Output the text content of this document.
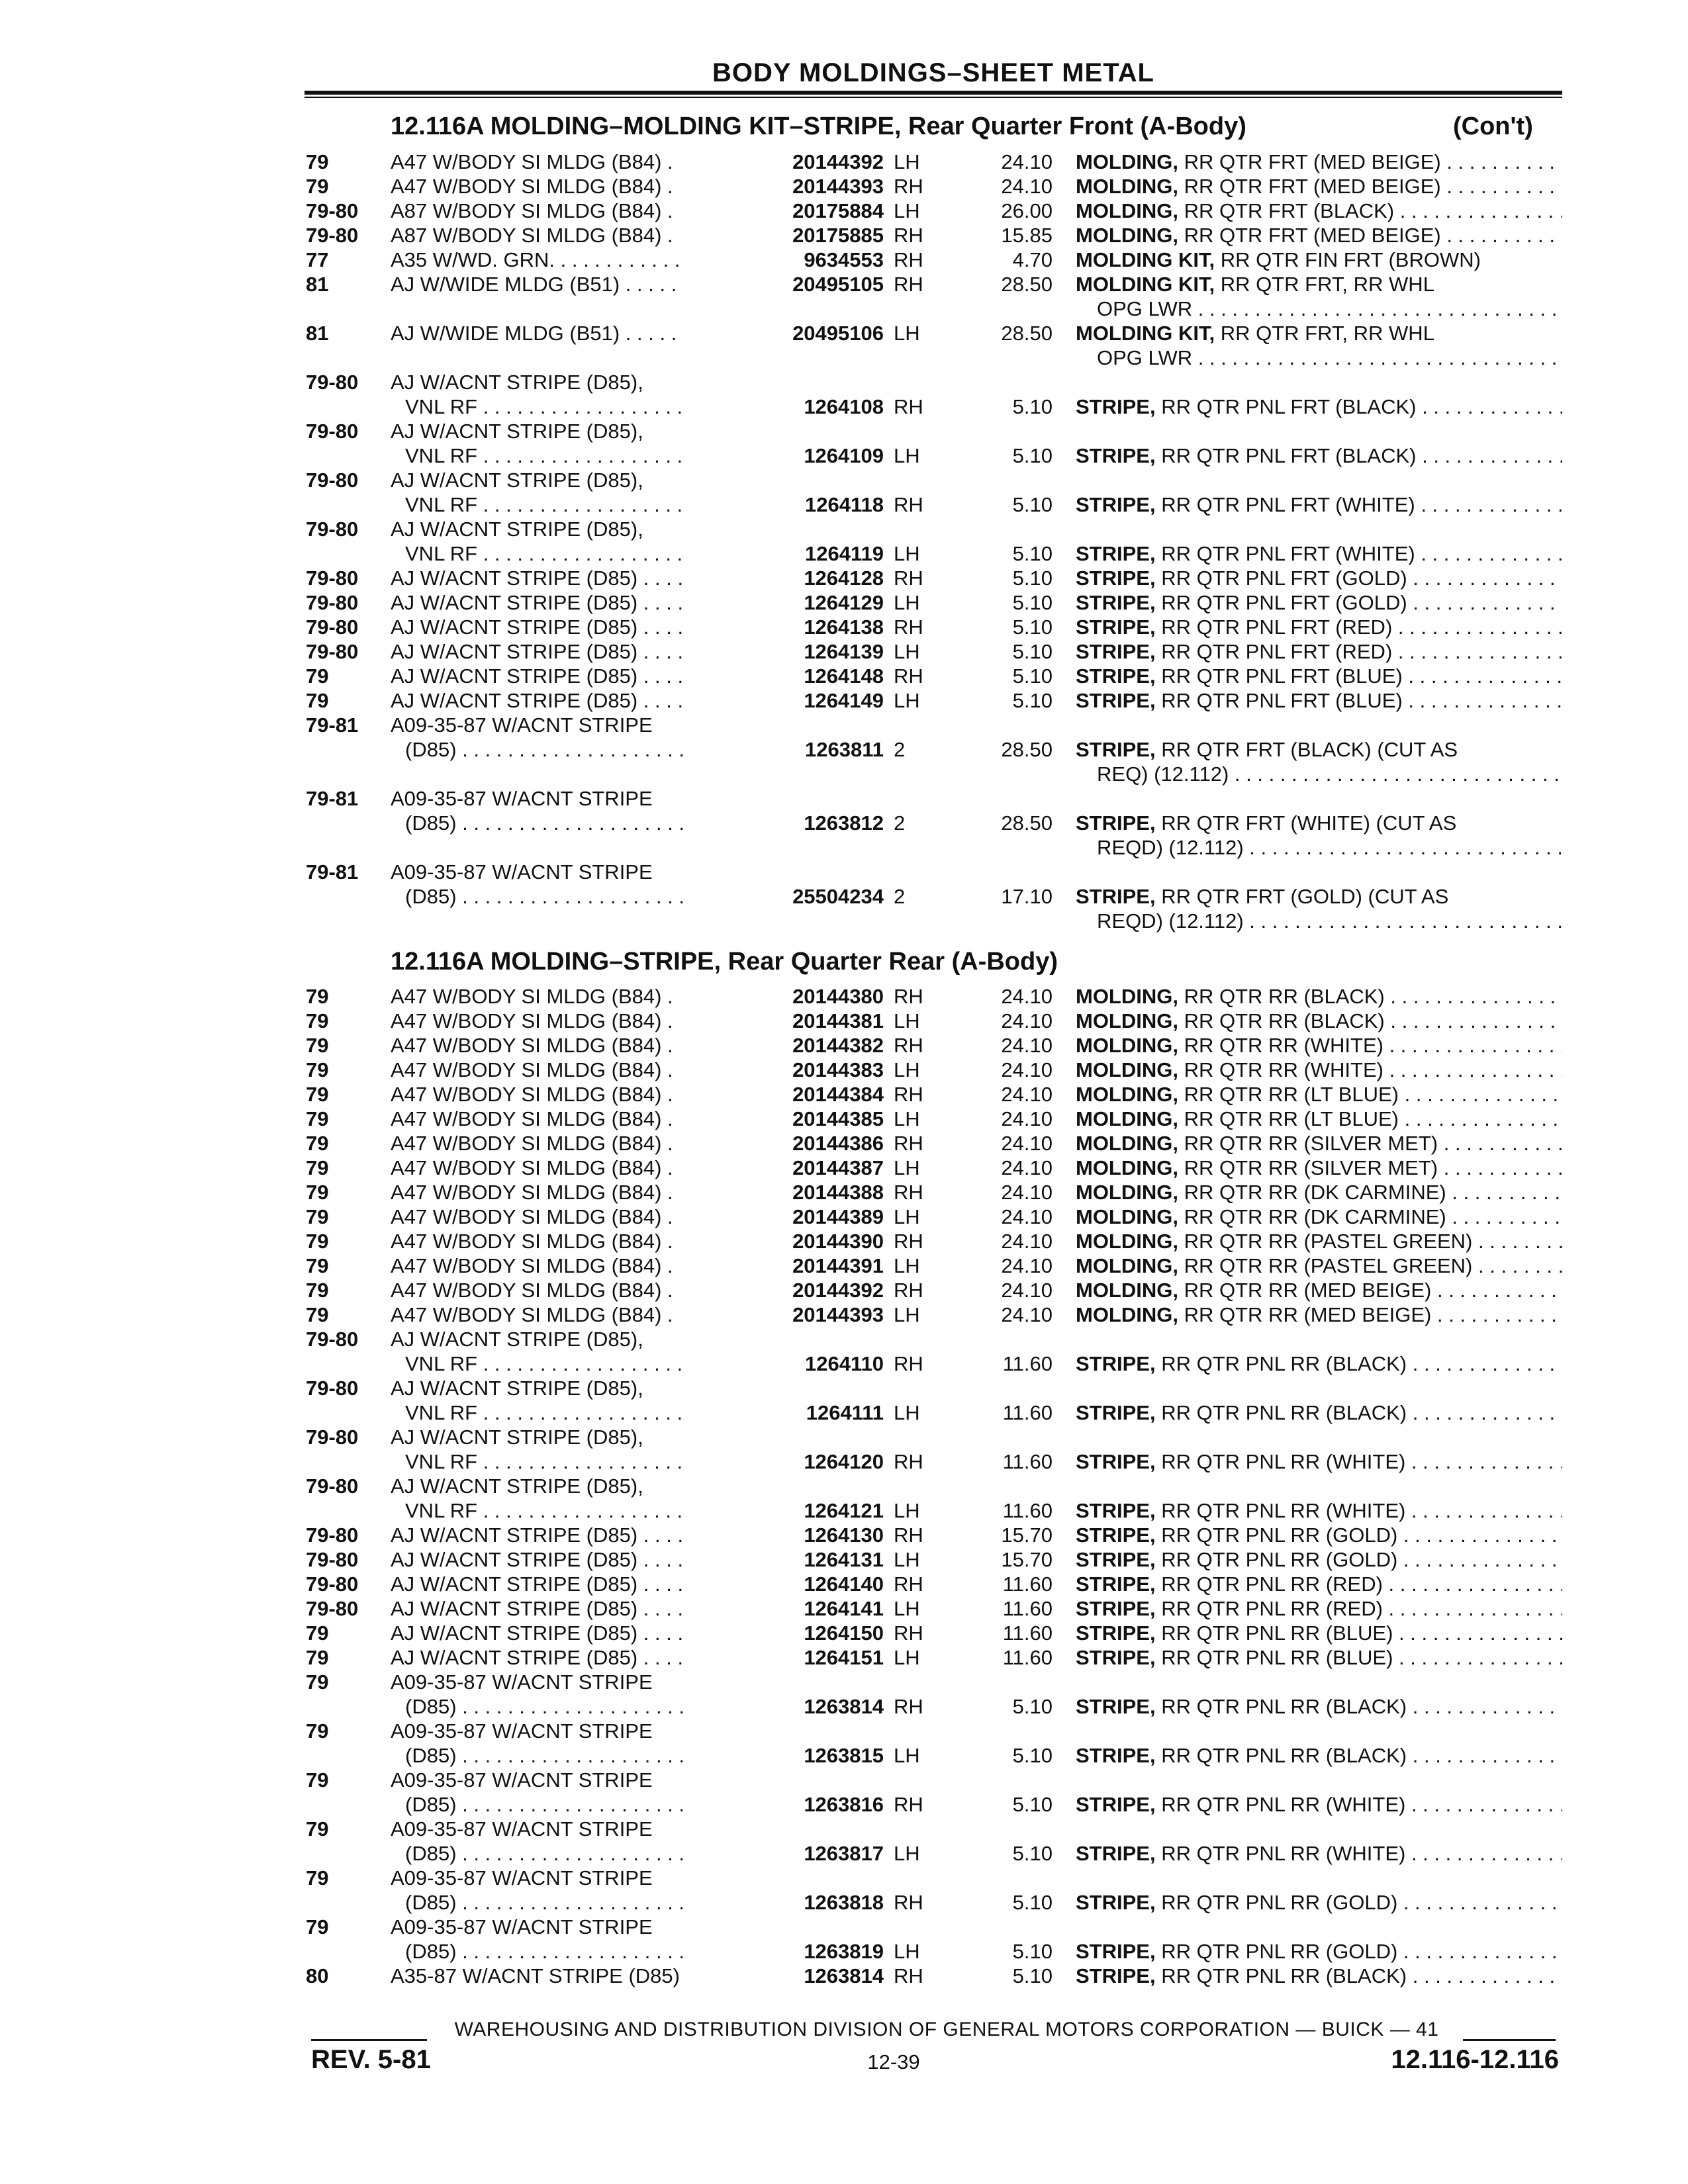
BODY MOLDINGS–SHEET METAL
12.116A MOLDING–MOLDING KIT–STRIPE, Rear Quarter Front (A-Body)	(Con't)
79	A47 W/BODY SI MLDG (B84) .	20144392 LH	24.10 MOLDING, RR QTR FRT (MED BEIGE) . . .
79	A47 W/BODY SI MLDG (B84) .	20144393 RH	24.10 MOLDING, RR QTR FRT (MED BEIGE) . . .
79-80	A87 W/BODY SI MLDG (B84) .	20175884 LH	26.00 MOLDING, RR QTR FRT (BLACK) . . .
79-80	A87 W/BODY SI MLDG (B84) .	20175885 RH	15.85 MOLDING, RR QTR FRT (MED BEIGE) . . .
77	A35 W/WD. GRN. . . . . . . . . . . .	9634553 RH	4.70 MOLDING KIT, RR QTR FIN FRT (BROWN)
81	AJ W/WIDE MLDG (B51) . . . . .	20495105 RH	28.50 MOLDING KIT, RR QTR FRT, RR WHL
OPG LWR . . .
81	AJ W/WIDE MLDG (B51) . . . . .	20495106 LH	28.50 MOLDING KIT, RR QTR FRT, RR WHL
OPG LWR . . .
79-80	AJ W/ACNT STRIPE (D85),
VNL RF . . . . . . . . . . . . . . . . . .	1264108 RH	5.10 STRIPE, RR QTR PNL FRT (BLACK) . . .
79-80	AJ W/ACNT STRIPE (D85),
VNL RF . . . . . . . . . . . . . . . . . .	1264109 LH	5.10 STRIPE, RR QTR PNL FRT (BLACK) . . .
79-80	AJ W/ACNT STRIPE (D85),
VNL RF . . . . . . . . . . . . . . . . . .	1264118 RH	5.10 STRIPE, RR QTR PNL FRT (WHITE) . . .
79-80	AJ W/ACNT STRIPE (D85),
VNL RF . . . . . . . . . . . . . . . . . .	1264119 LH	5.10 STRIPE, RR QTR PNL FRT (WHITE) . . .
79-80	AJ W/ACNT STRIPE (D85) . . . .	1264128 RH	5.10 STRIPE, RR QTR PNL FRT (GOLD) . . .
79-80	AJ W/ACNT STRIPE (D85) . . . .	1264129 LH	5.10 STRIPE, RR QTR PNL FRT (GOLD) . . .
79-80	AJ W/ACNT STRIPE (D85) . . . .	1264138 RH	5.10 STRIPE, RR QTR PNL FRT (RED) . . .
79-80	AJ W/ACNT STRIPE (D85) . . . .	1264139 LH	5.10 STRIPE, RR QTR PNL FRT (RED) . . .
79	AJ W/ACNT STRIPE (D85) . . . .	1264148 RH	5.10 STRIPE, RR QTR PNL FRT (BLUE) . . .
79	AJ W/ACNT STRIPE (D85) . . . .	1264149 LH	5.10 STRIPE, RR QTR PNL FRT (BLUE) . . .
79-81	A09-35-87 W/ACNT STRIPE
(D85) . . . . . . . . . . . . . . . . . . . .	1263811 2	28.50 STRIPE, RR QTR FRT (BLACK) (CUT AS
REQ) (12.112) . . .
79-81	A09-35-87 W/ACNT STRIPE
(D85) . . . . . . . . . . . . . . . . . . . .	1263812 2	28.50 STRIPE, RR QTR FRT (WHITE) (CUT AS
REQD) (12.112) . . .
79-81	A09-35-87 W/ACNT STRIPE
(D85) . . . . . . . . . . . . . . . . . . . .	25504234 2	17.10 STRIPE, RR QTR FRT (GOLD) (CUT AS
REQD) (12.112) . . .
12.116A MOLDING–STRIPE, Rear Quarter Rear (A-Body)
79	A47 W/BODY SI MLDG (B84) .	20144380 RH	24.10 MOLDING, RR QTR RR (BLACK) . . .
79	A47 W/BODY SI MLDG (B84) .	20144381 LH	24.10 MOLDING, RR QTR RR (BLACK) . . .
79	A47 W/BODY SI MLDG (B84) .	20144382 RH	24.10 MOLDING, RR QTR RR (WHITE) . . .
79	A47 W/BODY SI MLDG (B84) .	20144383 LH	24.10 MOLDING, RR QTR RR (WHITE) . . .
79	A47 W/BODY SI MLDG (B84) .	20144384 RH	24.10 MOLDING, RR QTR RR (LT BLUE) . . .
79	A47 W/BODY SI MLDG (B84) .	20144385 LH	24.10 MOLDING, RR QTR RR (LT BLUE) . . .
79	A47 W/BODY SI MLDG (B84) .	20144386 RH	24.10 MOLDING, RR QTR RR (SILVER MET) . . .
79	A47 W/BODY SI MLDG (B84) .	20144387 LH	24.10 MOLDING, RR QTR RR (SILVER MET) . . .
79	A47 W/BODY SI MLDG (B84) .	20144388 RH	24.10 MOLDING, RR QTR RR (DK CARMINE) . . .
79	A47 W/BODY SI MLDG (B84) .	20144389 LH	24.10 MOLDING, RR QTR RR (DK CARMINE) . . .
79	A47 W/BODY SI MLDG (B84) .	20144390 RH	24.10 MOLDING, RR QTR RR (PASTEL GREEN) . . .
79	A47 W/BODY SI MLDG (B84) .	20144391 LH	24.10 MOLDING, RR QTR RR (PASTEL GREEN) . . .
79	A47 W/BODY SI MLDG (B84) .	20144392 RH	24.10 MOLDING, RR QTR RR (MED BEIGE) . . .
79	A47 W/BODY SI MLDG (B84) .	20144393 LH	24.10 MOLDING, RR QTR RR (MED BEIGE) . . .
79-80	AJ W/ACNT STRIPE (D85),
VNL RF . . . . . . . . . . . . . . . . . .	1264110 RH	11.60 STRIPE, RR QTR PNL RR (BLACK) . . .
79-80	AJ W/ACNT STRIPE (D85),
VNL RF . . . . . . . . . . . . . . . . . .	1264111 LH	11.60 STRIPE, RR QTR PNL RR (BLACK) . . .
79-80	AJ W/ACNT STRIPE (D85),
VNL RF . . . . . . . . . . . . . . . . . .	1264120 RH	11.60 STRIPE, RR QTR PNL RR (WHITE) . . .
79-80	AJ W/ACNT STRIPE (D85),
VNL RF . . . . . . . . . . . . . . . . . .	1264121 LH	11.60 STRIPE, RR QTR PNL RR (WHITE) . . .
79-80	AJ W/ACNT STRIPE (D85) . . . .	1264130 RH	15.70 STRIPE, RR QTR PNL RR (GOLD) . . .
79-80	AJ W/ACNT STRIPE (D85) . . . .	1264131 LH	15.70 STRIPE, RR QTR PNL RR (GOLD) . . .
79-80	AJ W/ACNT STRIPE (D85) . . . .	1264140 RH	11.60 STRIPE, RR QTR PNL RR (RED) . . .
79-80	AJ W/ACNT STRIPE (D85) . . . .	1264141 LH	11.60 STRIPE, RR QTR PNL RR (RED) . . .
79	AJ W/ACNT STRIPE (D85) . . . .	1264150 RH	11.60 STRIPE, RR QTR PNL RR (BLUE) . . .
79	AJ W/ACNT STRIPE (D85) . . . .	1264151 LH	11.60 STRIPE, RR QTR PNL RR (BLUE) . . .
79	A09-35-87 W/ACNT STRIPE
(D85) . . . . . . . . . . . . . . . . . . . .	1263814 RH	5.10 STRIPE, RR QTR PNL RR (BLACK) . . .
79	A09-35-87 W/ACNT STRIPE
(D85) . . . . . . . . . . . . . . . . . . . .	1263815 LH	5.10 STRIPE, RR QTR PNL RR (BLACK) . . .
79	A09-35-87 W/ACNT STRIPE
(D85) . . . . . . . . . . . . . . . . . . . .	1263816 RH	5.10 STRIPE, RR QTR PNL RR (WHITE) . . .
79	A09-35-87 W/ACNT STRIPE
(D85) . . . . . . . . . . . . . . . . . . . .	1263817 LH	5.10 STRIPE, RR QTR PNL RR (WHITE) . . .
79	A09-35-87 W/ACNT STRIPE
(D85) . . . . . . . . . . . . . . . . . . . .	1263818 RH	5.10 STRIPE, RR QTR PNL RR (GOLD) . . .
79	A09-35-87 W/ACNT STRIPE
(D85) . . . . . . . . . . . . . . . . . . . .	1263819 LH	5.10 STRIPE, RR QTR PNL RR (GOLD) . . .
80	A35-87 W/ACNT STRIPE (D85)	1263814 RH	5.10 STRIPE, RR QTR PNL RR (BLACK) . . .
WAREHOUSING AND DISTRIBUTION DIVISION OF GENERAL MOTORS CORPORATION — BUICK — 41
REV. 5-81	12-39	12.116-12.116
